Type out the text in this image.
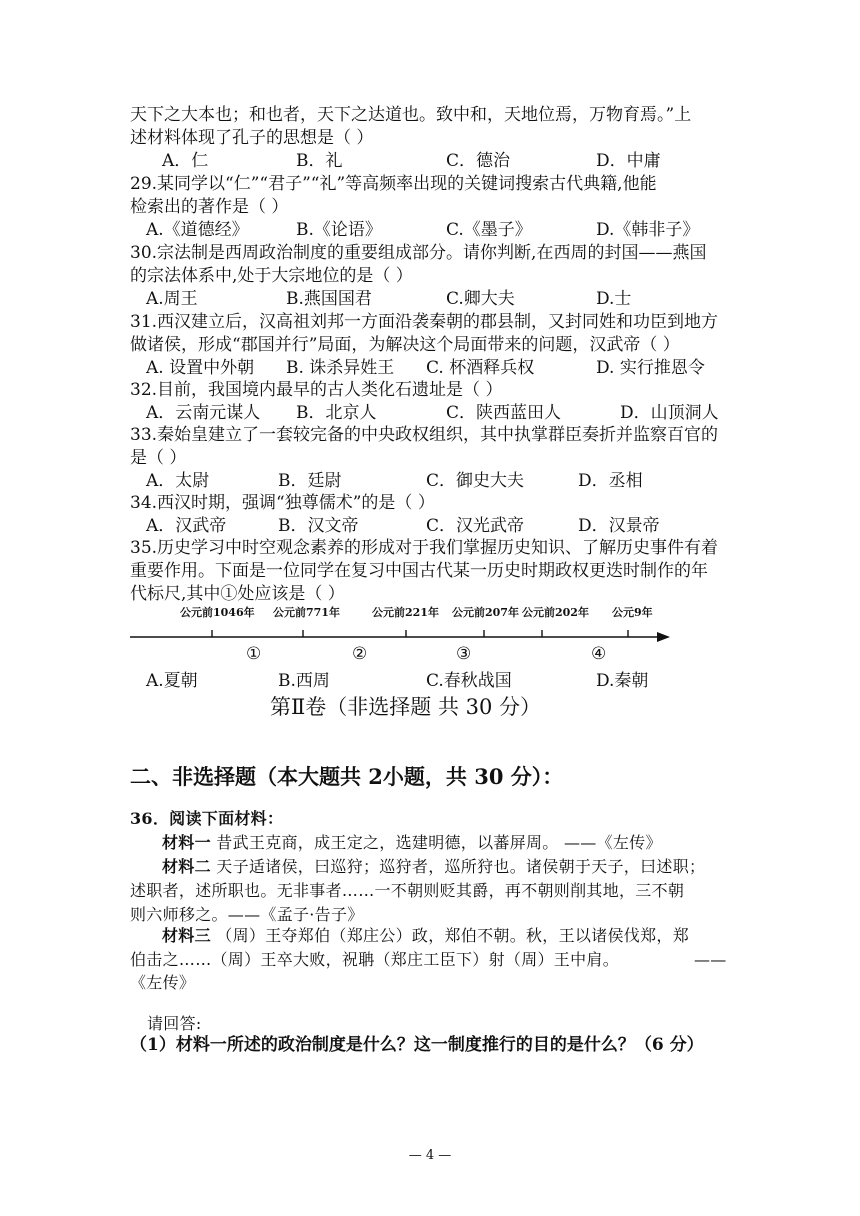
天下之大本也；和也者，天下之达道也。致中和，天地位焉，万物育焉。”上
述材料体现了孔子的思想是（ ）
A．仁	B．礼	C．德治	D．中庸
29.某同学以“仁”“君子”“礼”等高频率出现的关键词搜索古代典籍,他能
检索出的著作是（ ）
A.《道德经》	B.《论语》	C.《墨子》	D.《韩非子》
30.宗法制是西周政治制度的重要组成部分。请你判断,在西周的封国——燕国
的宗法体系中,处于大宗地位的是（ ）
A.周王	B.燕国国君	C.卿大夫	D.士
31.西汉建立后，汉高祖刘邦一方面沿袭秦朝的郡县制，又封同姓和功臣到地方
做诸侯，形成“郡国并行”局面，为解决这个局面带来的问题，汉武帝（ ）
A. 设置中外朝 B. 诛杀异姓王 C. 杯酒释兵权	D. 实行推恩令
32.目前，我国境内最早的古人类化石遗址是（ ）
A．云南元谋人 B．北京人	C．陕西蓝田人	D．山顶洞人
33.秦始皇建立了一套较完备的中央政权组织，其中执掌群臣奏折并监察百官的
是（ ）
A．太尉	B．廷尉	C．御史大夫	D．丞相
34.西汉时期，强调“独尊儒术”的是（ ）
A．汉武帝	B．汉文帝	C．汉光武帝	D．汉景帝
35.历史学习中时空观念素养的形成对于我们掌握历史知识、了解历史事件有着
重要作用。下面是一位同学在复习中国古代某一历史时期政权更迭时制作的年
代标尺,其中①处应该是（ ）
公元前1046年 公元前771年	公元前221年 公元前207年 公元前202年 公元9年
①	②	③	④
A.夏朝	B.西周	C.春秋战国	D.秦朝
第Ⅱ卷（非选择题 共 30 分）
二、非选择题（本大题共 2小题，共 30 分）：
36．阅读下面材料：
材料一 昔武王克商，成王定之，选建明德，以蕃屏周。 ——《左传》
材料二 天子适诸侯，曰巡狩；巡狩者，巡所狩也。诸侯朝于天子，曰述职；
述职者，述所职也。无非事者……一不朝则贬其爵，再不朝则削其地，三不朝
则六师移之。——《孟子·告子》
材料三 （周）王夺郑伯（郑庄公）政，郑伯不朝。秋，王以诸侯伐郑，郑
伯击之……（周）王卒大败，祝聃（郑庄工臣下）射（周）王中肩。	——
《左传》
请回答:
（1）材料一所述的政治制度是什么？这一制度推行的目的是什么？（6 分）
— 4 —
